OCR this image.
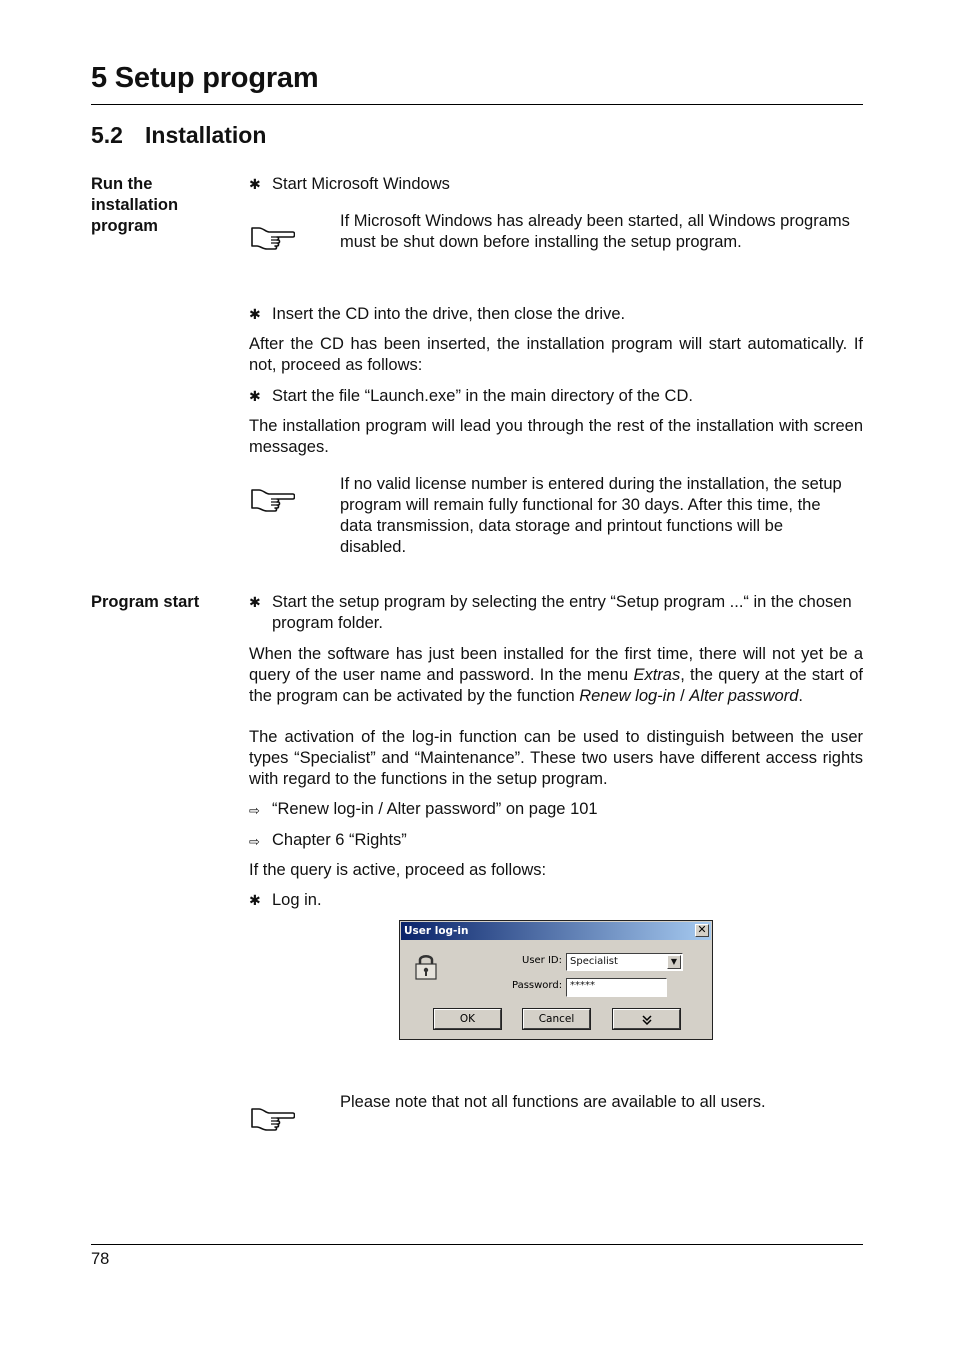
5 Setup program
5.2 Installation
Run the installation program
✱ Start Microsoft Windows
If Microsoft Windows has already been started, all Windows programs must be shut down before installing the setup program.
✱ Insert the CD into the drive, then close the drive.
After the CD has been inserted, the installation program will start automatically. If not, proceed as follows:
✱ Start the file “Launch.exe” in the main directory of the CD.
The installation program will lead you through the rest of the installation with screen messages.
If no valid license number is entered during the installation, the setup program will remain fully functional for 30 days. After this time, the data transmission, data storage and printout functions will be disabled.
Program start	✱ Start the setup program by selecting the entry “Setup program ...“ in the chosen program folder.
When the software has just been installed for the first time, there will not yet be a query of the user name and password. In the menu Extras, the query at the start of the program can be activated by the function Renew log-in / Alter password.
The activation of the log-in function can be used to distinguish between the user types “Specialist” and “Maintenance”. These two users have different access rights with regard to the functions in the setup program.
⇨ “Renew log-in / Alter password” on page 101
⇨ Chapter 6 “Rights”
If the query is active, proceed as follows:
✱ Log in.
User log-in	✕
User ID: Specialist	▼
Password: *****
OK	Cancel
Please note that not all functions are available to all users.
78
